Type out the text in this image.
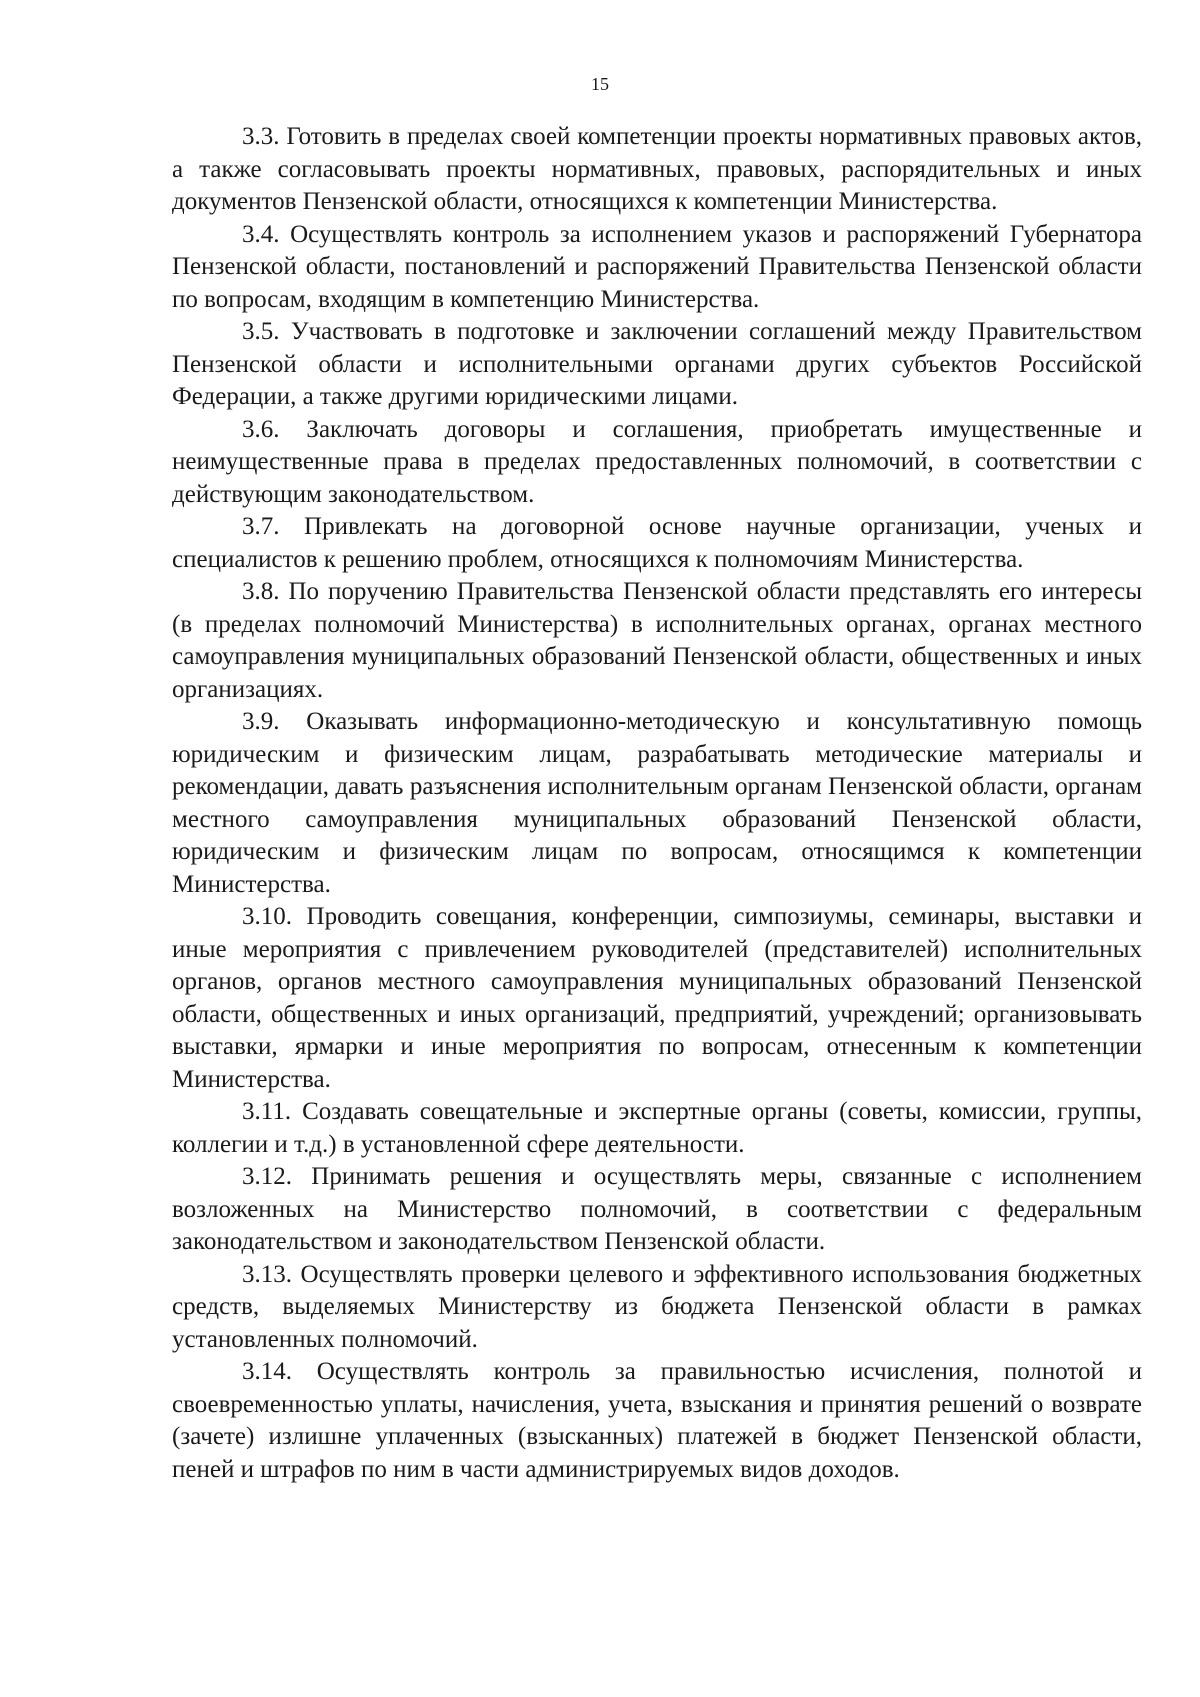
15

3.3. Готовить в пределах своей компетенции проекты нормативных правовых актов, а также согласовывать проекты нормативных, правовых, распорядительных и иных документов Пензенской области, относящихся к компетенции Министерства.

3.4. Осуществлять контроль за исполнением указов и распоряжений Губернатора Пензенской области, постановлений и распоряжений Правительства Пензенской области по вопросам, входящим в компетенцию Министерства.

3.5. Участвовать в подготовке и заключении соглашений между Правительством Пензенской области и исполнительными органами других субъектов Российской Федерации, а также другими юридическими лицами.

3.6. Заключать договоры и соглашения, приобретать имущественные и неимущественные права в пределах предоставленных полномочий, в соответствии с действующим законодательством.

3.7. Привлекать на договорной основе научные организации, ученых и специалистов к решению проблем, относящихся к полномочиям Министерства.

3.8. По поручению Правительства Пензенской области представлять его интересы (в пределах полномочий Министерства) в исполнительных органах, органах местного самоуправления муниципальных образований Пензенской области, общественных и иных организациях.

3.9. Оказывать информационно-методическую и консультативную помощь юридическим и физическим лицам, разрабатывать методические материалы и рекомендации, давать разъяснения исполнительным органам Пензенской области, органам местного самоуправления муниципальных образований Пензенской области, юридическим и физическим лицам по вопросам, относящимся к компетенции Министерства.

3.10. Проводить совещания, конференции, симпозиумы, семинары, выставки и иные мероприятия с привлечением руководителей (представителей) исполнительных органов, органов местного самоуправления муниципальных образований Пензенской области, общественных и иных организаций, предприятий, учреждений; организовывать выставки, ярмарки и иные мероприятия по вопросам, отнесенным к компетенции Министерства.

3.11. Создавать совещательные и экспертные органы (советы, комиссии, группы, коллегии и т.д.) в установленной сфере деятельности.

3.12. Принимать решения и осуществлять меры, связанные с исполнением возложенных на Министерство полномочий, в соответствии с федеральным законодательством и законодательством Пензенской области.

3.13. Осуществлять проверки целевого и эффективного использования бюджетных средств, выделяемых Министерству из бюджета Пензенской области в рамках установленных полномочий.

3.14. Осуществлять контроль за правильностью исчисления, полнотой и своевременностью уплаты, начисления, учета, взыскания и принятия решений о возврате (зачете) излишне уплаченных (взысканных) платежей в бюджет Пензенской области, пеней и штрафов по ним в части администрируемых видов доходов.
